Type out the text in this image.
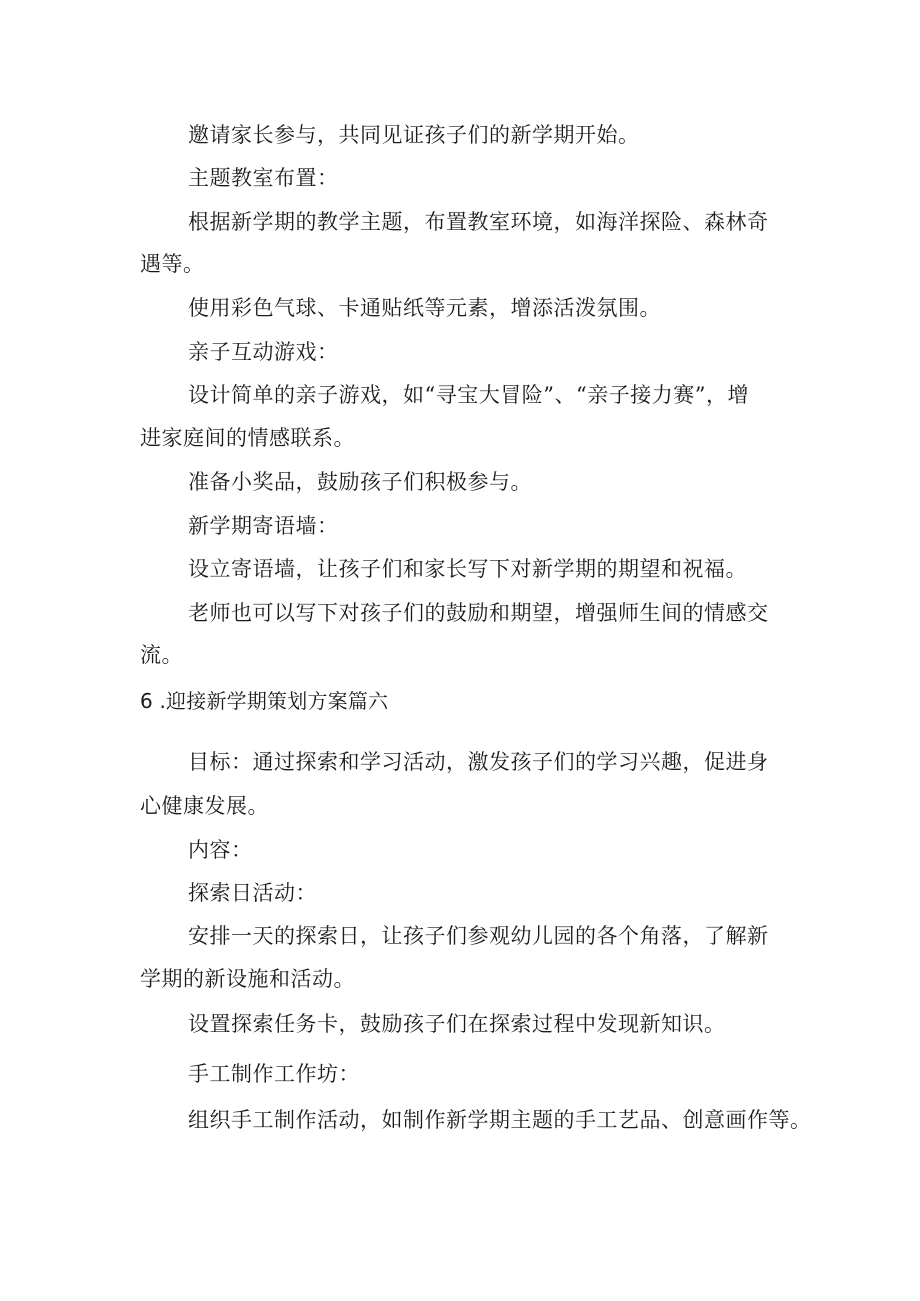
邀请家长参与，共同见证孩子们的新学期开始。
主题教室布置：
根据新学期的教学主题，布置教室环境，如海洋探险、森林奇
遇等。
使用彩色气球、卡通贴纸等元素，增添活泼氛围。
亲子互动游戏：
设计简单的亲子游戏，如“寻宝大冒险”、“亲子接力赛”，增
进家庭间的情感联系。
准备小奖品，鼓励孩子们积极参与。
新学期寄语墙：
设立寄语墙，让孩子们和家长写下对新学期的期望和祝福。
老师也可以写下对孩子们的鼓励和期望，增强师生间的情感交
流。
6 .迎接新学期策划方案篇六
目标：通过探索和学习活动，激发孩子们的学习兴趣，促进身
心健康发展。
内容：
探索日活动：
安排一天的探索日，让孩子们参观幼儿园的各个角落，了解新
学期的新设施和活动。
设置探索任务卡，鼓励孩子们在探索过程中发现新知识。
手工制作工作坊：
组织手工制作活动，如制作新学期主题的手工艺品、创意画作等。
